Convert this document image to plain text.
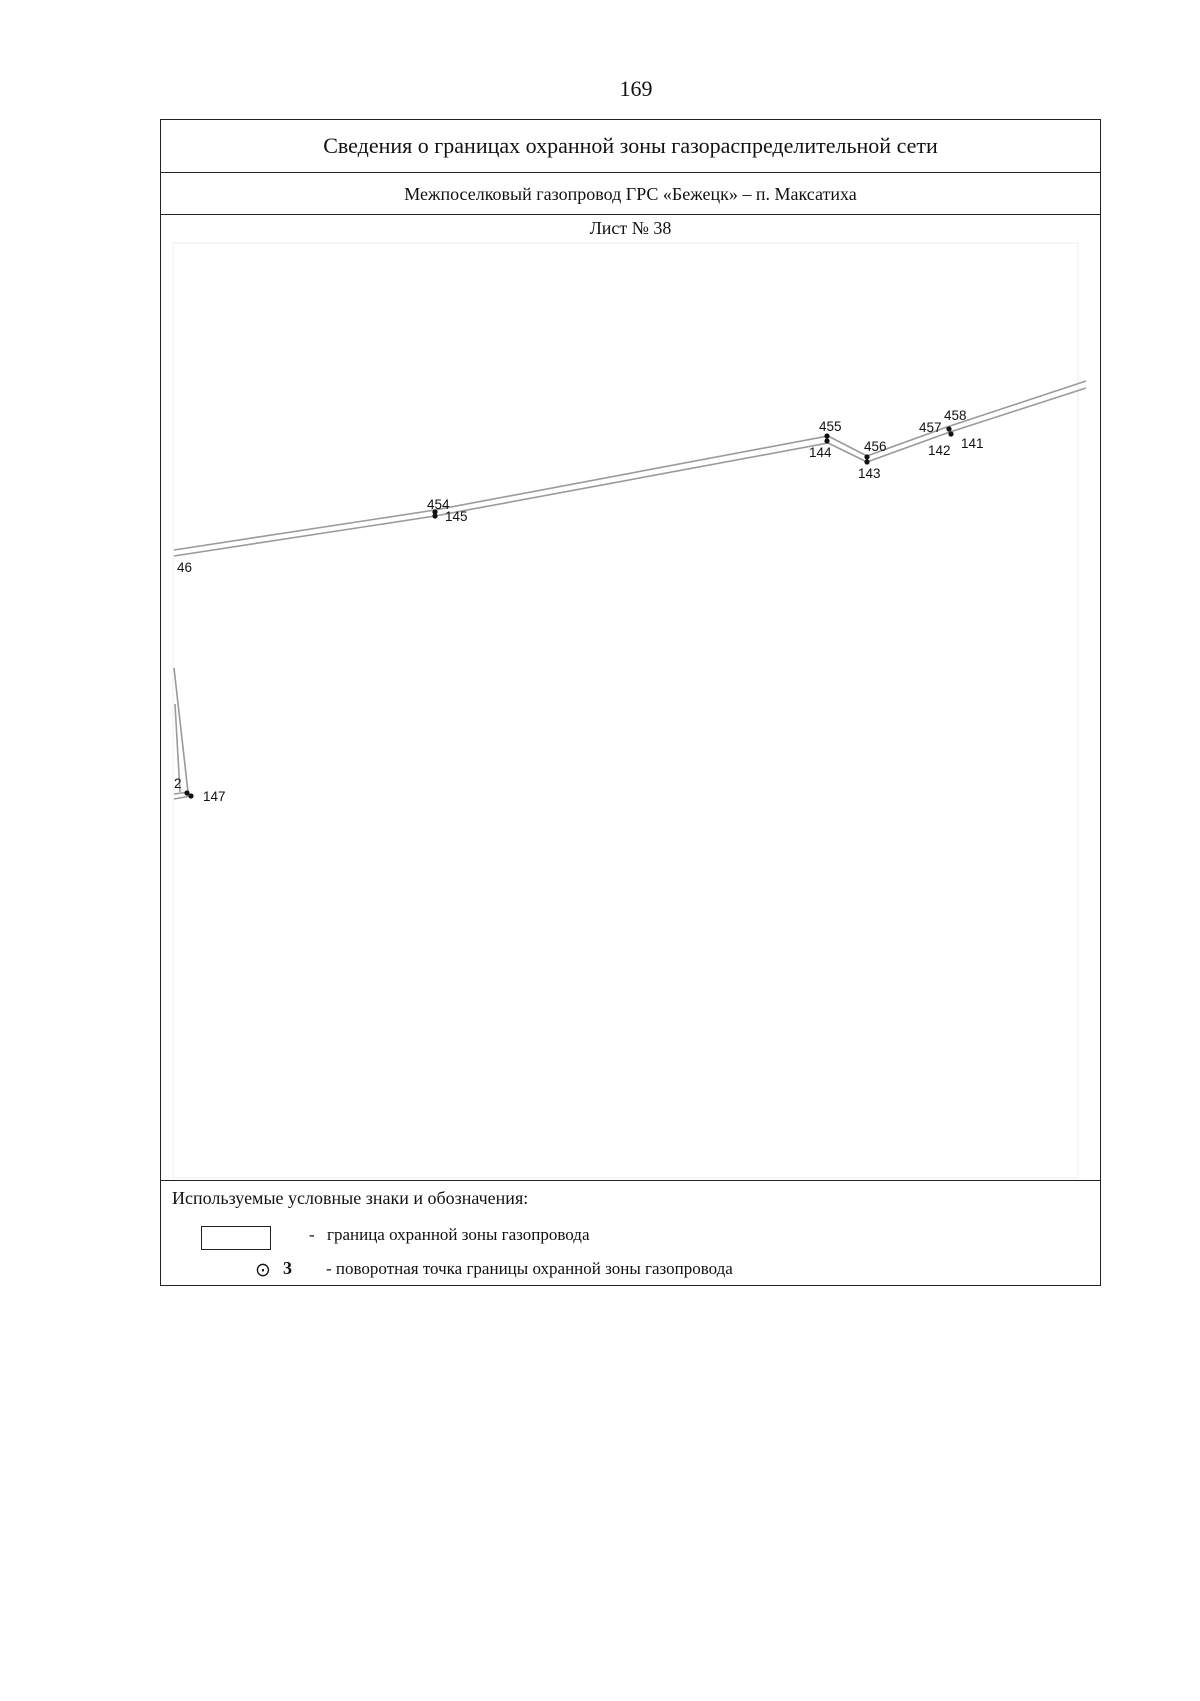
169
Сведения о границах охранной зоны газораспределительной сети
Межпоселковый газопровод ГРС «Бежецк» – п. Максатиха
46
454
145
455
144 456
143
457
458
142 141
2
147
Лист № 38
Используемые условные знаки и обозначения:
- граница охранной зоны газопровода
⊙ 3 - поворотная точка границы охранной зоны газопровода
